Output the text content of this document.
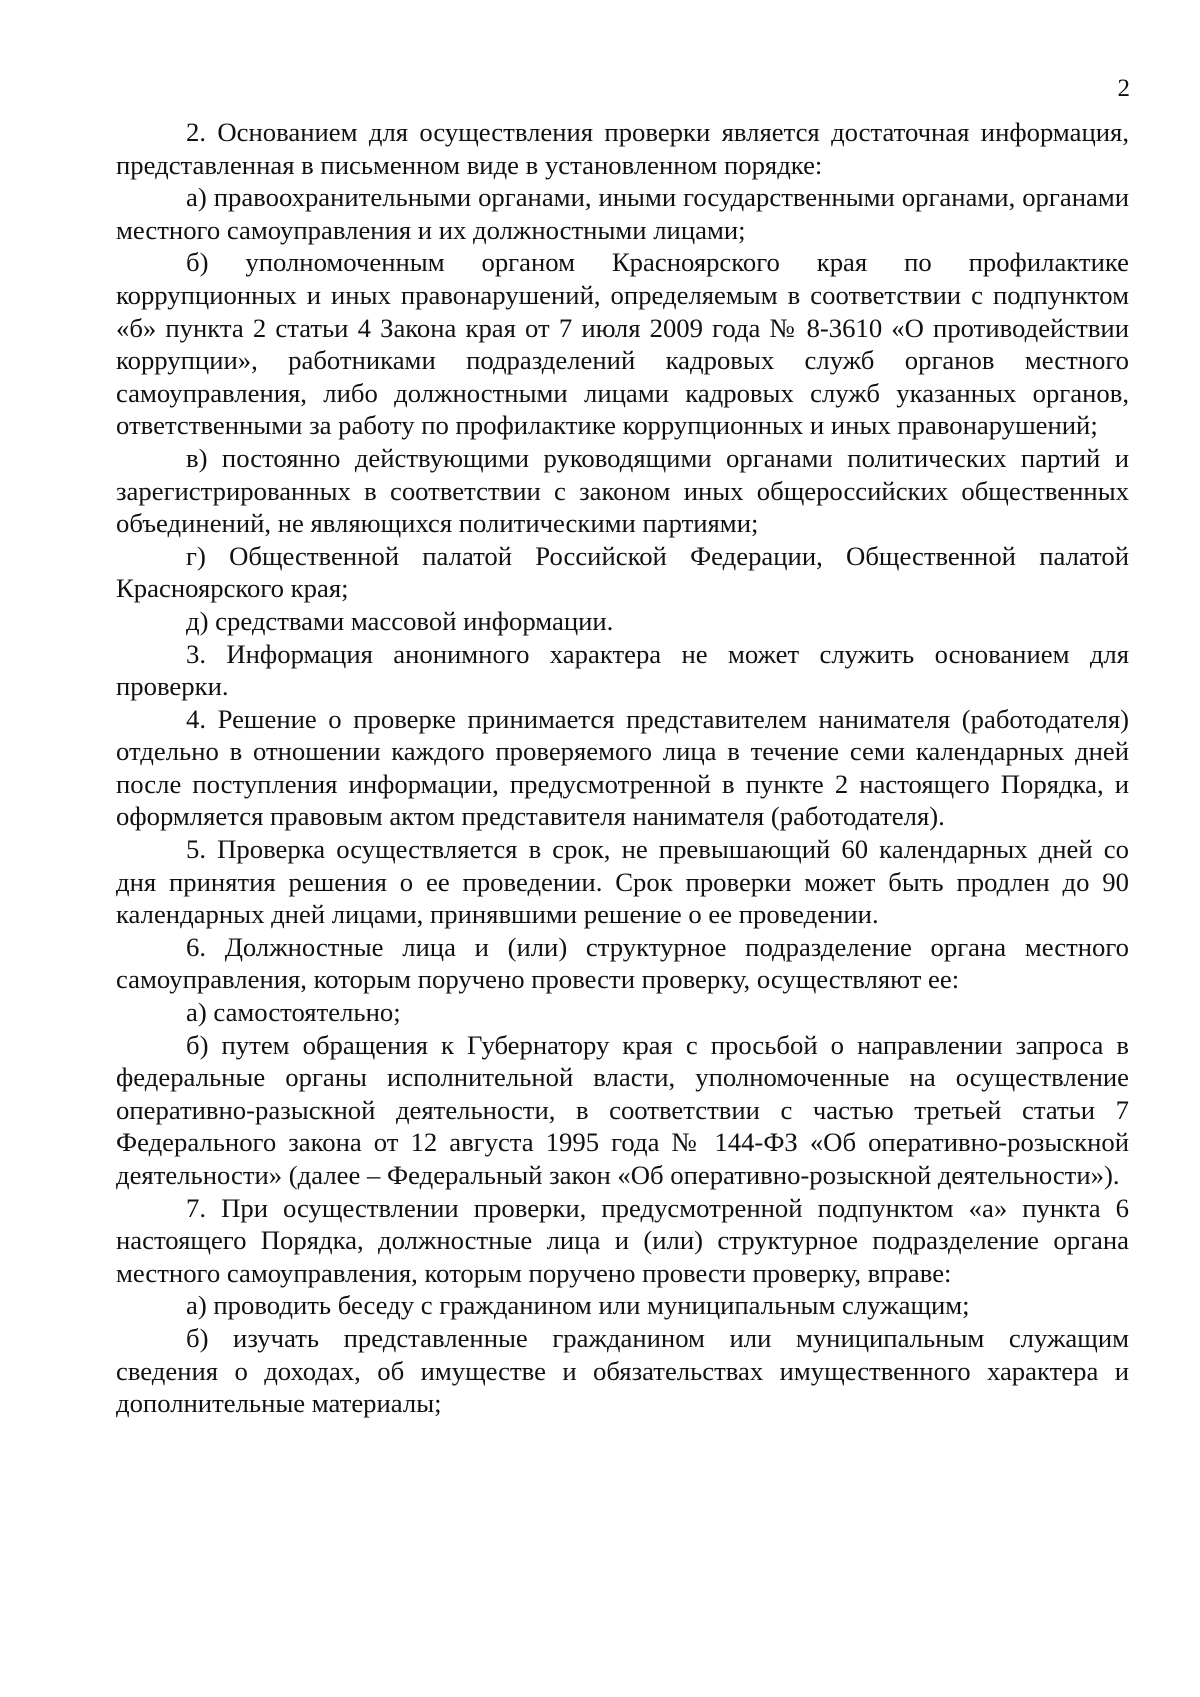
2

2. Основанием для осуществления проверки является достаточная информация, представленная в письменном виде в установленном порядке:

а) правоохранительными органами, иными государственными органами, органами местного самоуправления и их должностными лицами;

б) уполномоченным органом Красноярского края по профилактике коррупционных и иных правонарушений, определяемым в соответствии с подпунктом «б» пункта 2 статьи 4 Закона края от 7 июля 2009 года № 8-3610 «О противодействии коррупции», работниками подразделений кадровых служб органов местного самоуправления, либо должностными лицами кадровых служб указанных органов, ответственными за работу по профилактике коррупционных и иных правонарушений;

в) постоянно действующими руководящими органами политических партий и зарегистрированных в соответствии с законом иных общероссийских общественных объединений, не являющихся политическими партиями;

г) Общественной палатой Российской Федерации, Общественной палатой Красноярского края;

д) средствами массовой информации.

3. Информация анонимного характера не может служить основанием для проверки.

4. Решение о проверке принимается представителем нанимателя (работодателя) отдельно в отношении каждого проверяемого лица в течение семи календарных дней после поступления информации, предусмотренной в пункте 2 настоящего Порядка, и оформляется правовым актом представителя нанимателя (работодателя).

5. Проверка осуществляется в срок, не превышающий 60 календарных дней со дня принятия решения о ее проведении. Срок проверки может быть продлен до 90 календарных дней лицами, принявшими решение о ее проведении.

6. Должностные лица и (или) структурное подразделение органа местного самоуправления, которым поручено провести проверку, осуществляют ее:

а) самостоятельно;

б) путем обращения к Губернатору края с просьбой о направлении запроса в федеральные органы исполнительной власти, уполномоченные на осуществление оперативно-разыскной деятельности, в соответствии с частью третьей статьи 7 Федерального закона от 12 августа 1995 года № 144-ФЗ «Об оперативно-розыскной деятельности» (далее – Федеральный закон «Об оперативно-розыскной деятельности»).

7. При осуществлении проверки, предусмотренной подпунктом «а» пункта 6 настоящего Порядка, должностные лица и (или) структурное подразделение органа местного самоуправления, которым поручено провести проверку, вправе:

а) проводить беседу с гражданином или муниципальным служащим;

б) изучать представленные гражданином или муниципальным служащим сведения о доходах, об имуществе и обязательствах имущественного характера и дополнительные материалы;
